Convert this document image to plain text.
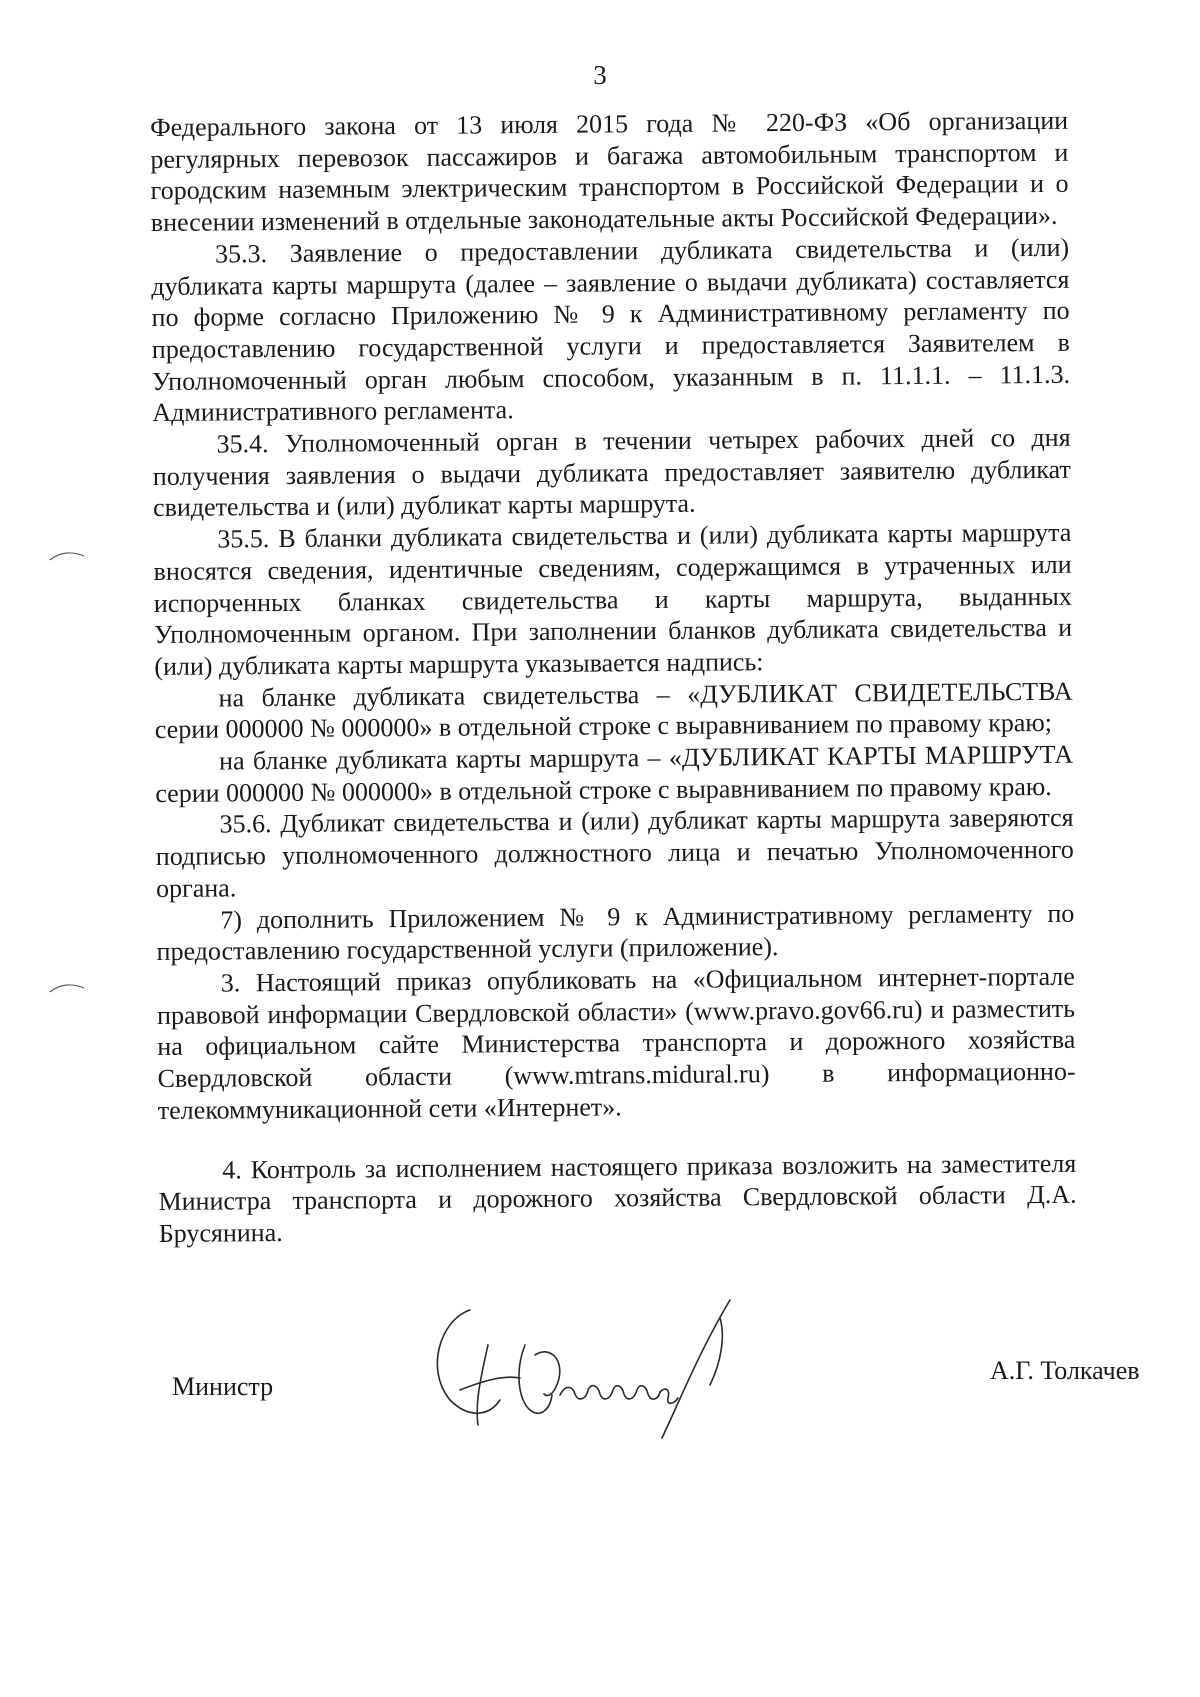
3

Федерального закона от 13 июля 2015 года № 220-ФЗ «Об организации регулярных перевозок пассажиров и багажа автомобильным транспортом и городским наземным электрическим транспортом в Российской Федерации и о внесении изменений в отдельные законодательные акты Российской Федерации».

35.3. Заявление о предоставлении дубликата свидетельства и (или) дубликата карты маршрута (далее – заявление о выдачи дубликата) составляется по форме согласно Приложению № 9 к Административному регламенту по предоставлению государственной услуги и предоставляется Заявителем в Уполномоченный орган любым способом, указанным в п. 11.1.1. – 11.1.3. Административного регламента.

35.4. Уполномоченный орган в течении четырех рабочих дней со дня получения заявления о выдачи дубликата предоставляет заявителю дубликат свидетельства и (или) дубликат карты маршрута.

35.5. В бланки дубликата свидетельства и (или) дубликата карты маршрута вносятся сведения, идентичные сведениям, содержащимся в утраченных или испорченных бланках свидетельства и карты маршрута, выданных Уполномоченным органом. При заполнении бланков дубликата свидетельства и (или) дубликата карты маршрута указывается надпись:

на бланке дубликата свидетельства – «ДУБЛИКАТ СВИДЕТЕЛЬСТВА серии 000000 № 000000» в отдельной строке с выравниванием по правому краю;

на бланке дубликата карты маршрута – «ДУБЛИКАТ КАРТЫ МАРШРУТА серии 000000 № 000000» в отдельной строке с выравниванием по правому краю.

35.6. Дубликат свидетельства и (или) дубликат карты маршрута заверяются подписью уполномоченного должностного лица и печатью Уполномоченного органа.

7) дополнить Приложением № 9 к Административному регламенту по предоставлению государственной услуги (приложение).

3. Настоящий приказ опубликовать на «Официальном интернет-портале правовой информации Свердловской области» (www.pravo.gov66.ru) и разместить на официальном сайте Министерства транспорта и дорожного хозяйства Свердловской области (www.mtrans.midural.ru) в информационно-телекоммуникационной сети «Интернет».

4. Контроль за исполнением настоящего приказа возложить на заместителя Министра транспорта и дорожного хозяйства Свердловской области Д.А. Брусянина.

Министр
А.Г. Толкачев
